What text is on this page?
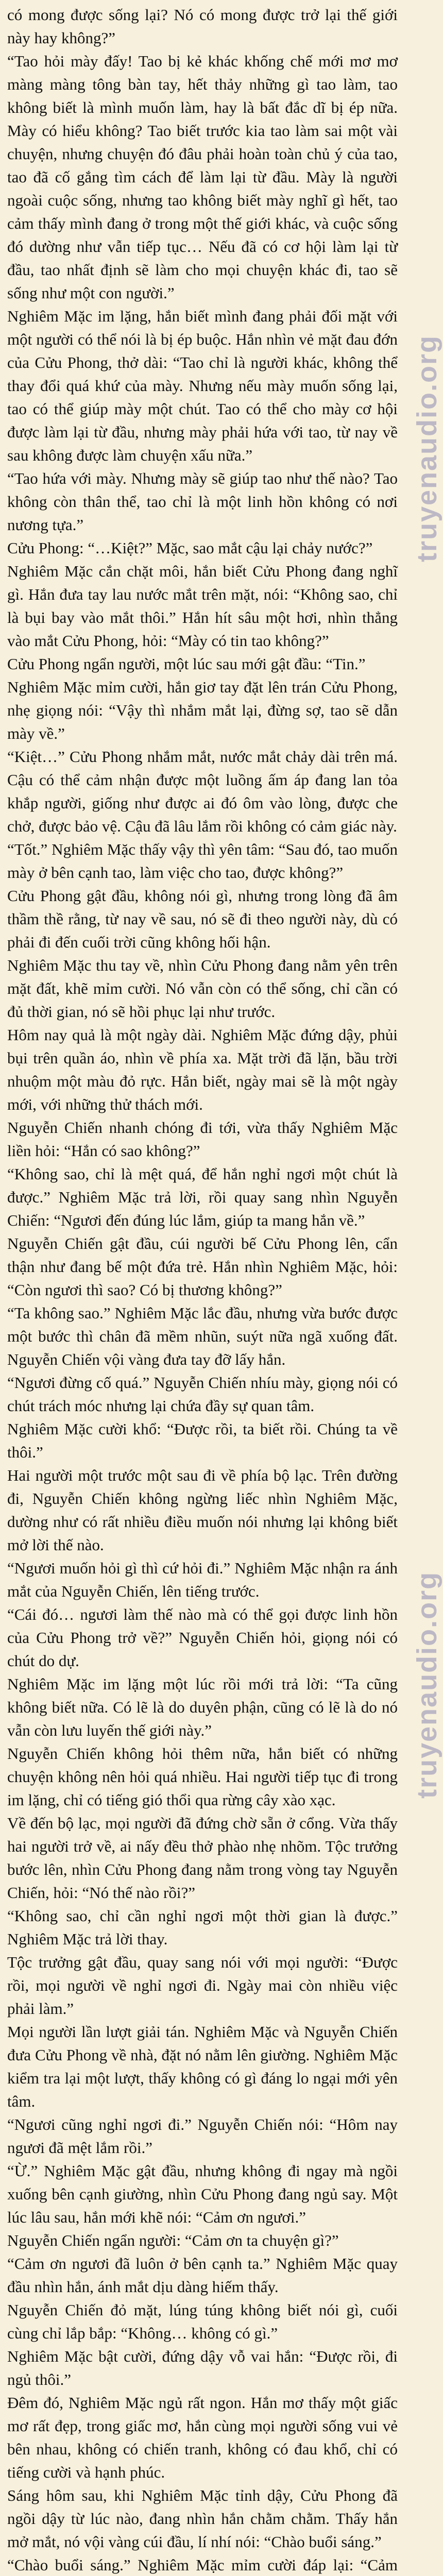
có mong được sống lại? Nó có mong được trở lại thế giới này hay không?”

“Tao hỏi mày đấy! Tao bị kẻ khác khống chế mới mơ mơ màng màng tông bàn tay, hết thảy những gì tao làm, tao không biết là mình muốn làm, hay là bất đắc dĩ bị ép nữa. Mày có hiểu không? Tao biết trước kia tao làm sai một vài chuyện, nhưng chuyện đó đâu phải hoàn toàn chủ ý của tao, tao đã cố gắng tìm cách để làm lại từ đầu. Mày là người ngoài cuộc sống, nhưng tao không biết mày nghĩ gì hết, tao cảm thấy mình đang ở trong một thế giới khác, và cuộc sống đó dường như vẫn tiếp tục… Nếu đã có cơ hội làm lại từ đầu, tao nhất định sẽ làm cho mọi chuyện khác đi, tao sẽ sống như một con người.”

Nghiêm Mặc im lặng, hắn biết mình đang phải đối mặt với một người có thể nói là bị ép buộc. Hắn nhìn vẻ mặt đau đớn của Cửu Phong, thở dài: “Tao chỉ là người khác, không thể thay đổi quá khứ của mày. Nhưng nếu mày muốn sống lại, tao có thể giúp mày một chút. Tao có thể cho mày cơ hội được làm lại từ đầu, nhưng mày phải hứa với tao, từ nay về sau không được làm chuyện xấu nữa.”

“Tao hứa với mày. Nhưng mày sẽ giúp tao như thế nào? Tao không còn thân thể, tao chỉ là một linh hồn không có nơi nương tựa.”

Cửu Phong: “…Kiệt?” Mặc, sao mắt cậu lại chảy nước?”

Nghiêm Mặc cắn chặt môi, hắn biết Cửu Phong đang nghĩ gì. Hắn đưa tay lau nước mắt trên mặt, nói: “Không sao, chỉ là bụi bay vào mắt thôi.” Hắn hít sâu một hơi, nhìn thẳng vào mắt Cửu Phong, hỏi: “Mày có tin tao không?”

Cửu Phong ngẩn người, một lúc sau mới gật đầu: “Tin.”

Nghiêm Mặc mỉm cười, hắn giơ tay đặt lên trán Cửu Phong, nhẹ giọng nói: “Vậy thì nhắm mắt lại, đừng sợ, tao sẽ dẫn mày về.”

“Kiệt…” Cửu Phong nhắm mắt, nước mắt chảy dài trên má. Cậu có thể cảm nhận được một luồng ấm áp đang lan tỏa khắp người, giống như được ai đó ôm vào lòng, được che chở, được bảo vệ. Cậu đã lâu lắm rồi không có cảm giác này.

“Tốt.” Nghiêm Mặc thấy vậy thì yên tâm: “Sau đó, tao muốn mày ở bên cạnh tao, làm việc cho tao, được không?”

Cửu Phong gật đầu, không nói gì, nhưng trong lòng đã âm thầm thề rằng, từ nay về sau, nó sẽ đi theo người này, dù có phải đi đến cuối trời cũng không hối hận.

Nghiêm Mặc thu tay về, nhìn Cửu Phong đang nằm yên trên mặt đất, khẽ mỉm cười. Nó vẫn còn có thể sống, chỉ cần có đủ thời gian, nó sẽ hồi phục lại như trước.

Hôm nay quả là một ngày dài. Nghiêm Mặc đứng dậy, phủi bụi trên quần áo, nhìn về phía xa. Mặt trời đã lặn, bầu trời nhuộm một màu đỏ rực. Hắn biết, ngày mai sẽ là một ngày mới, với những thử thách mới.

Nguyễn Chiến nhanh chóng đi tới, vừa thấy Nghiêm Mặc liền hỏi: “Hắn có sao không?”

“Không sao, chỉ là mệt quá, để hắn nghỉ ngơi một chút là được.” Nghiêm Mặc trả lời, rồi quay sang nhìn Nguyễn Chiến: “Ngươi đến đúng lúc lắm, giúp ta mang hắn về.”

Nguyễn Chiến gật đầu, cúi người bế Cửu Phong lên, cẩn thận như đang bế một đứa trẻ. Hắn nhìn Nghiêm Mặc, hỏi: “Còn ngươi thì sao? Có bị thương không?”

“Ta không sao.” Nghiêm Mặc lắc đầu, nhưng vừa bước được một bước thì chân đã mềm nhũn, suýt nữa ngã xuống đất. Nguyễn Chiến vội vàng đưa tay đỡ lấy hắn.

“Ngươi đừng cố quá.” Nguyễn Chiến nhíu mày, giọng nói có chút trách móc nhưng lại chứa đầy sự quan tâm.

Nghiêm Mặc cười khổ: “Được rồi, ta biết rồi. Chúng ta về thôi.”

Hai người một trước một sau đi về phía bộ lạc. Trên đường đi, Nguyễn Chiến không ngừng liếc nhìn Nghiêm Mặc, dường như có rất nhiều điều muốn nói nhưng lại không biết mở lời thế nào.

“Ngươi muốn hỏi gì thì cứ hỏi đi.” Nghiêm Mặc nhận ra ánh mắt của Nguyễn Chiến, lên tiếng trước.

“Cái đó… ngươi làm thế nào mà có thể gọi được linh hồn của Cửu Phong trở về?” Nguyễn Chiến hỏi, giọng nói có chút do dự.

Nghiêm Mặc im lặng một lúc rồi mới trả lời: “Ta cũng không biết nữa. Có lẽ là do duyên phận, cũng có lẽ là do nó vẫn còn lưu luyến thế giới này.”

Nguyễn Chiến không hỏi thêm nữa, hắn biết có những chuyện không nên hỏi quá nhiều. Hai người tiếp tục đi trong im lặng, chỉ có tiếng gió thổi qua rừng cây xào xạc.

Về đến bộ lạc, mọi người đã đứng chờ sẵn ở cổng. Vừa thấy hai người trở về, ai nấy đều thở phào nhẹ nhõm. Tộc trưởng bước lên, nhìn Cửu Phong đang nằm trong vòng tay Nguyễn Chiến, hỏi: “Nó thế nào rồi?”

“Không sao, chỉ cần nghỉ ngơi một thời gian là được.” Nghiêm Mặc trả lời thay.

Tộc trưởng gật đầu, quay sang nói với mọi người: “Được rồi, mọi người về nghỉ ngơi đi. Ngày mai còn nhiều việc phải làm.”

Mọi người lần lượt giải tán. Nghiêm Mặc và Nguyễn Chiến đưa Cửu Phong về nhà, đặt nó nằm lên giường. Nghiêm Mặc kiểm tra lại một lượt, thấy không có gì đáng lo ngại mới yên tâm.

“Ngươi cũng nghỉ ngơi đi.” Nguyễn Chiến nói: “Hôm nay ngươi đã mệt lắm rồi.”

“Ừ.” Nghiêm Mặc gật đầu, nhưng không đi ngay mà ngồi xuống bên cạnh giường, nhìn Cửu Phong đang ngủ say. Một lúc lâu sau, hắn mới khẽ nói: “Cảm ơn ngươi.”

Nguyễn Chiến ngẩn người: “Cảm ơn ta chuyện gì?”

“Cảm ơn ngươi đã luôn ở bên cạnh ta.” Nghiêm Mặc quay đầu nhìn hắn, ánh mắt dịu dàng hiếm thấy.

Nguyễn Chiến đỏ mặt, lúng túng không biết nói gì, cuối cùng chỉ lắp bắp: “Không… không có gì.”

Nghiêm Mặc bật cười, đứng dậy vỗ vai hắn: “Được rồi, đi ngủ thôi.”

Đêm đó, Nghiêm Mặc ngủ rất ngon. Hắn mơ thấy một giấc mơ rất đẹp, trong giấc mơ, hắn cùng mọi người sống vui vẻ bên nhau, không có chiến tranh, không có đau khổ, chỉ có tiếng cười và hạnh phúc.

Sáng hôm sau, khi Nghiêm Mặc tỉnh dậy, Cửu Phong đã ngồi dậy từ lúc nào, đang nhìn hắn chằm chằm. Thấy hắn mở mắt, nó vội vàng cúi đầu, lí nhí nói: “Chào buổi sáng.”

“Chào buổi sáng.” Nghiêm Mặc mỉm cười đáp lại: “Cảm

truyenaudio.org
truyenaudio.org
